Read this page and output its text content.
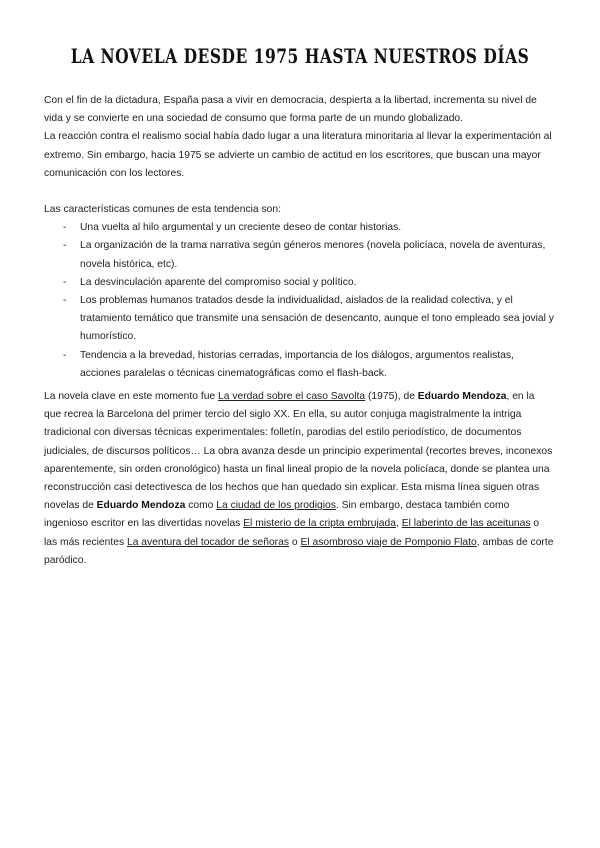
LA NOVELA DESDE 1975 HASTA NUESTROS DÍAS

Con el fin de la dictadura, España pasa a vivir en democracia, despierta a la libertad, incrementa su nivel de vida y se convierte en una sociedad de consumo que forma parte de un mundo globalizado.

La reacción contra el realismo social había dado lugar a una literatura minoritaria al llevar la experimentación al extremo. Sin embargo, hacia 1975 se advierte un cambio de actitud en los escritores, que buscan una mayor comunicación con los lectores.

Las características comunes de esta tendencia son:

- Una vuelta al hilo argumental y un creciente deseo de contar historias.
- La organización de la trama narrativa según géneros menores (novela policíaca, novela de aventuras, novela histórica, etc).
- La desvinculación aparente del compromiso social y político.
- Los problemas humanos tratados desde la individualidad, aislados de la realidad colectiva, y el tratamiento temático que transmite una sensación de desencanto, aunque el tono empleado sea jovial y humorístico.
- Tendencia a la brevedad, historias cerradas, importancia de los diálogos, argumentos realistas, acciones paralelas o técnicas cinematográficas como el flash-back.

La novela clave en este momento fue La verdad sobre el caso Savolta (1975), de Eduardo Mendoza, en la que recrea la Barcelona del primer tercio del siglo XX. En ella, su autor conjuga magistralmente la intriga tradicional con diversas técnicas experimentales: folletín, parodias del estilo periodístico, de documentos judiciales, de discursos políticos… La obra avanza desde un principio experimental (recortes breves, inconexos aparentemente, sin orden cronológico) hasta un final lineal propio de la novela policíaca, donde se plantea una reconstrucción casi detectivesca de los hechos que han quedado sin explicar. Esta misma línea siguen otras novelas de Eduardo Mendoza como La ciudad de los prodigios. Sin embargo, destaca también como ingenioso escritor en las divertidas novelas El misterio de la cripta embrujada, El laberinto de las aceitunas o las más recientes La aventura del tocador de señoras o El asombroso viaje de Pomponio Flato, ambas de corte paródico.
